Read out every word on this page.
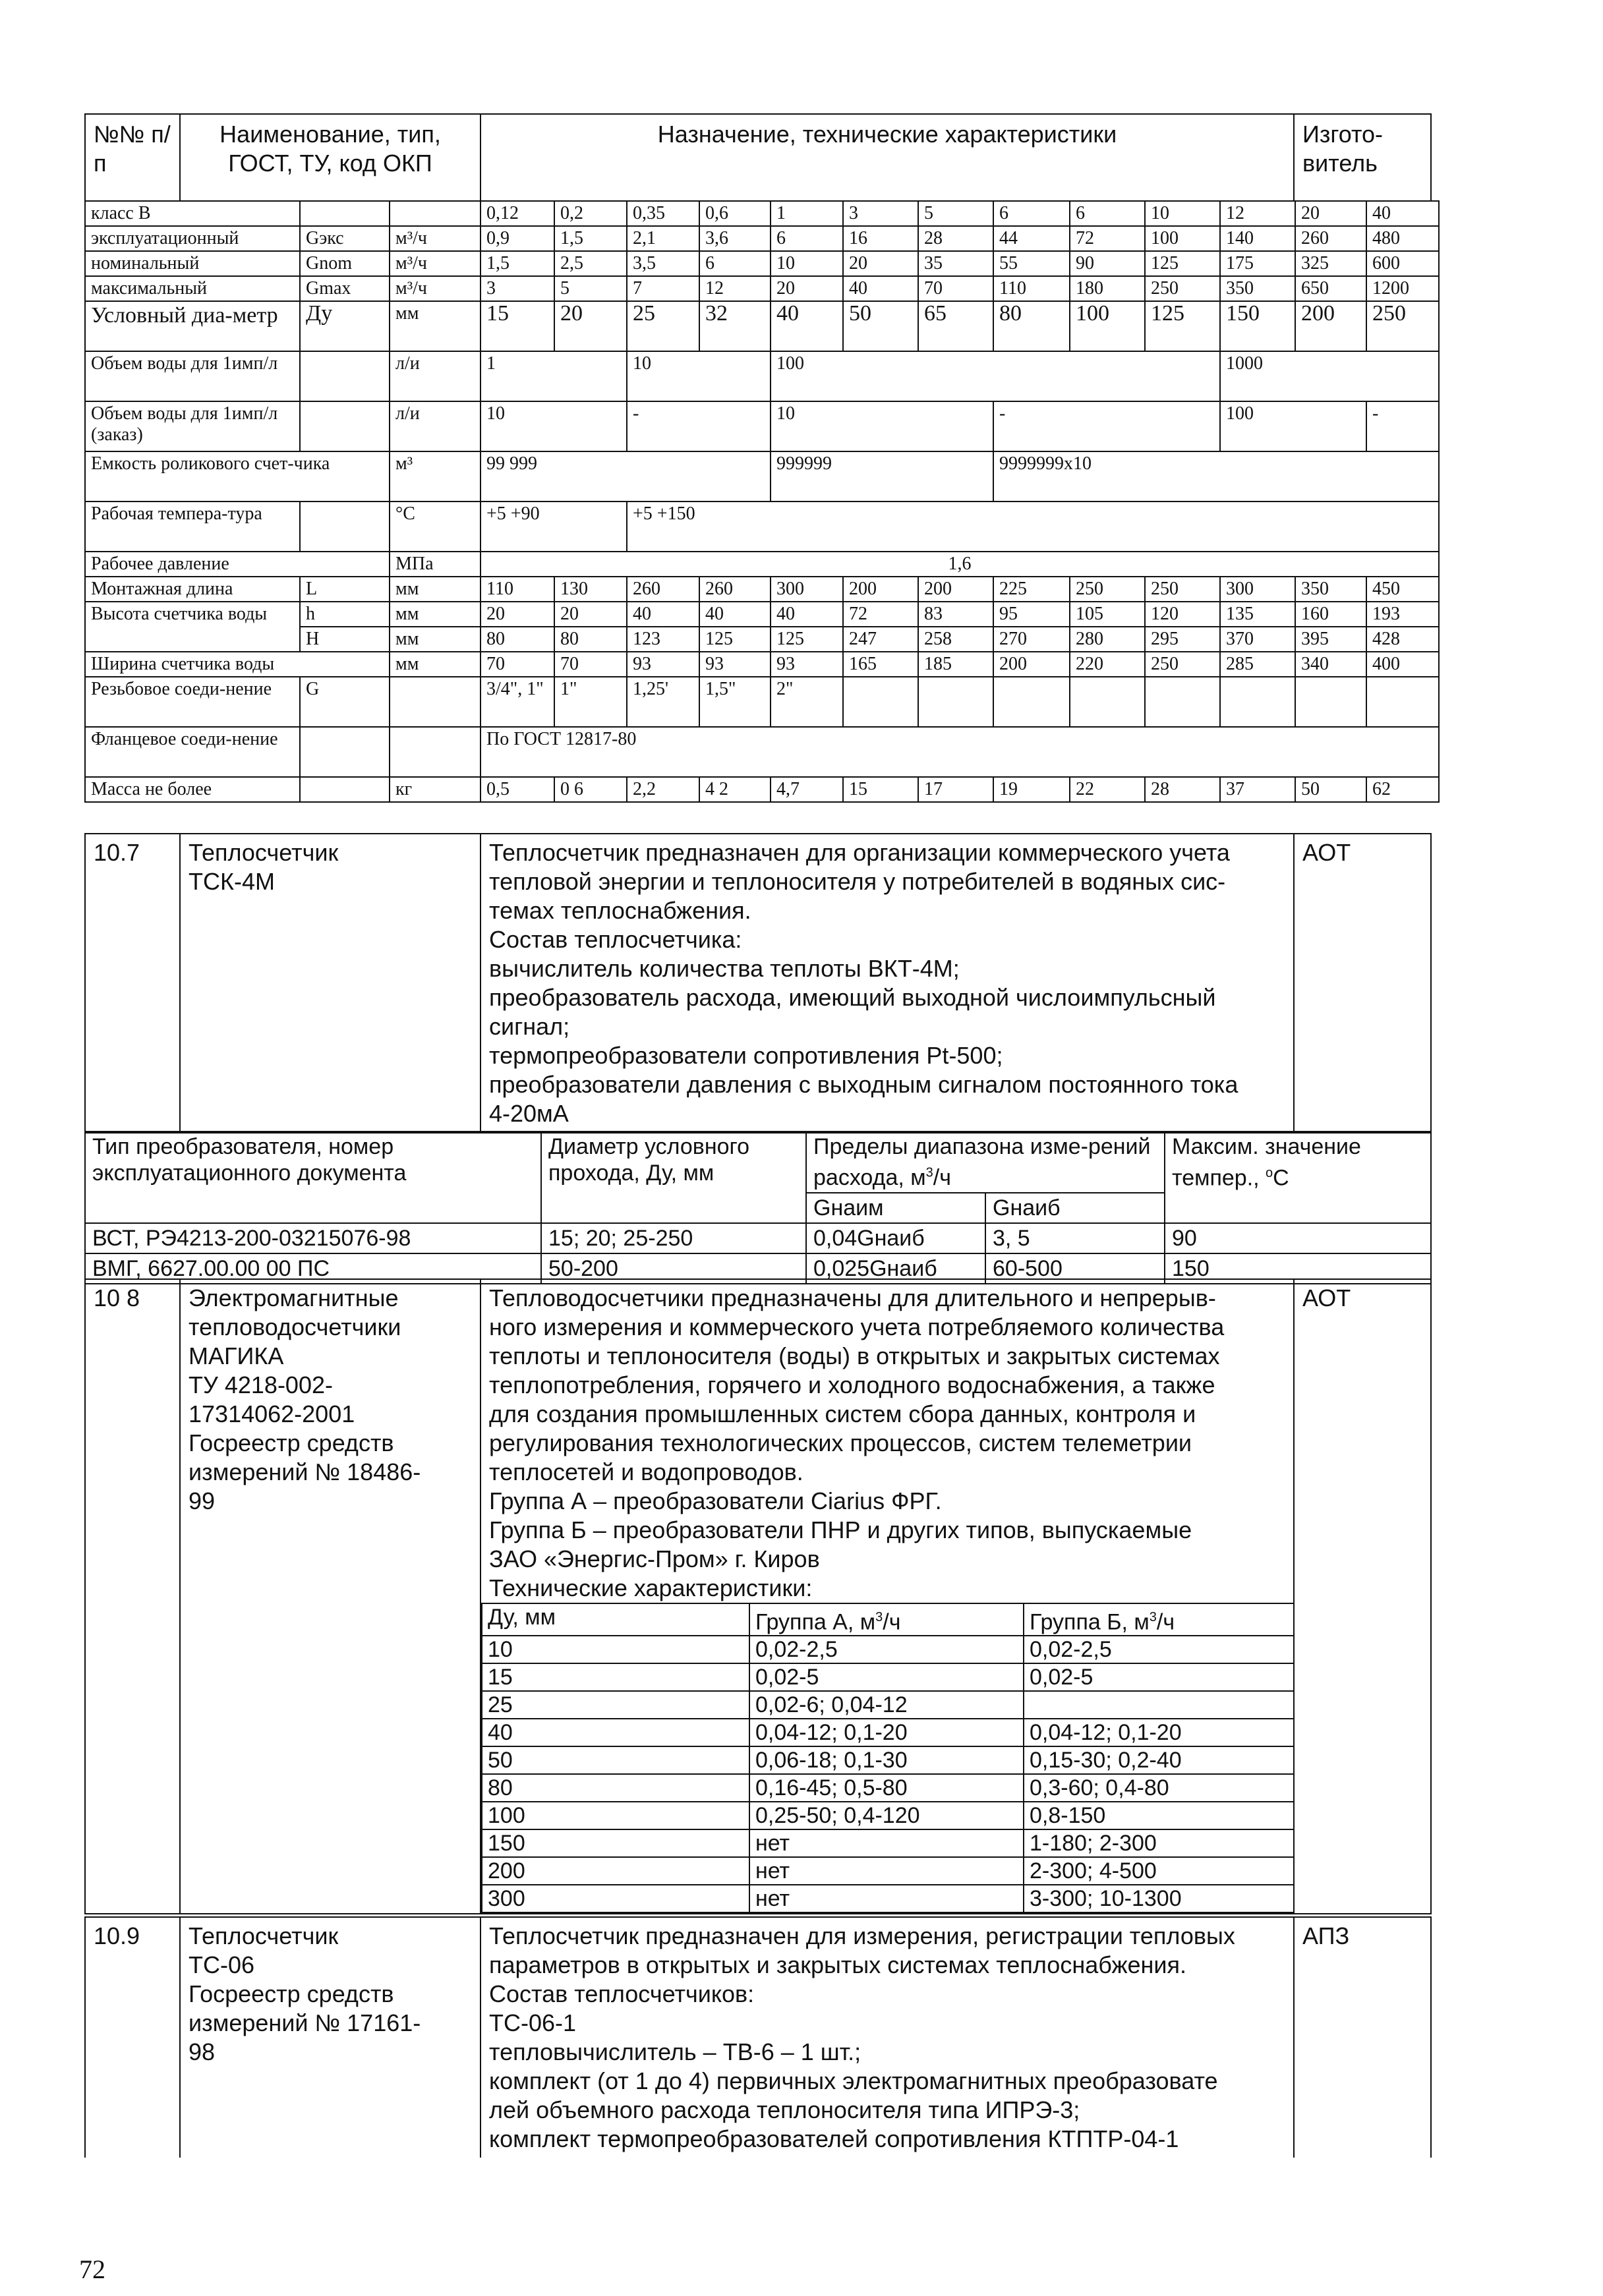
№№ п/п	Наименование, тип, ГОСТ, ТУ, код ОКП	Назначение, технические характеристики	Изгото-витель
класс В			0,12	0,2	0,35	0,6	1	3	5	6	6	10	12	20	40
эксплуатационный	Gэкс	м³/ч	0,9	1,5	2,1	3,6	6	16	28	44	72	100	140	260	480
номинальный	Gnom	м³/ч	1,5	2,5	3,5	6	10	20	35	55	90	125	175	325	600
максимальный	Gmax	м³/ч	3	5	7	12	20	40	70	110	180	250	350	650	1200
Условный диа-метр	Ду	мм	15	20	25	32	40	50	65	80	100	125	150	200	250
Объем воды для 1имп/л		л/и	1		10		100						1000		
Объем воды для 1имп/л (заказ)		л/и	10		-		10			-			100		-
Емкость роликового счет-чика		м³	99 999				999999			9999999х10					
Рабочая темпера-тура		°С	+5 +90		+5 +150										
Рабочее давление		МПа	1,6												
Монтажная длина	L	мм	110	130	260	260	300	200	200	225	250	250	300	350	450
Высота счетчика воды	h	мм	20	20	40	40	40	72	83	95	105	120	135	160	193
	H	мм	80	80	123	125	125	247	258	270	280	295	370	395	428
Ширина счетчика воды		мм	70	70	93	93	93	165	185	200	220	250	285	340	400
Резьбовое соеди-нение	G		3/4", 1"	1"	1,25'	1,5"	2"								
Фланцевое соеди-нение			По ГОСТ 12817-80												
Масса не более		кг	0,5	0 6	2,2	4 2	4,7	15	17	19	22	28	37	50	62
10.7	Теплосчетчик
ТСК-4М

Теплосчетчик предназначен для организации коммерческого учета
тепловой энергии и теплоносителя у потребителей в водяных сис-
темах теплоснабжения.
Состав теплосчетчика:
вычислитель количества теплоты ВКТ-4М;
преобразователь расхода, имеющий выходной числоимпульсный
сигнал;
термопреобразователи сопротивления Pt-500;
преобразователи давления с выходным сигналом постоянного тока
4-20мА
	АОТ
Тип преобразователя, номер эксплуатационного документа	Диаметр условного прохода, Ду, мм	Пределы диапазона изме-рений расхода, $м^3/ч$		Максим. значение темпер., $^о$С
		Gнаим	Gнаиб	
ВСТ, РЭ4213-200-03215076-98	15; 20; 25-250	0,04Gнаиб	3, 5	90
ВМГ, 6627.00.00 00 ПС	50-200	0,025Gнаиб	60-500	150
10 8	Электромагнитные
тепловодосчетчики
МАГИКА
ТУ 4218-002-
17314062-2001
Госреестр средств
измерений № 18486-
99

Тепловодосчетчики предназначены для длительного и непрерыв-
ного измерения и коммерческого учета потребляемого количества
теплоты и теплоносителя (воды) в открытых и закрытых системах
теплопотребления, горячего и холодного водоснабжения, а также
для создания промышленных систем сбора данных, контроля и
регулирования технологических процессов, систем телеметрии
теплосетей и водопроводов.
Группа А – преобразователи Ciarius ФРГ.
Группа Б – преобразователи ПНР и других типов, выпускаемые
ЗАО «Энергис-Пром» г. Киров
Технические характеристики:
Ду, мм	Группа А, $м^3/ч$	Группа Б, $м^3/ч$
10	0,02-2,5	0,02-2,5
15	0,02-5	0,02-5
25	0,02-6; 0,04-12	
40	0,04-12; 0,1-20	0,04-12; 0,1-20
50	0,06-18; 0,1-30	0,15-30; 0,2-40
80	0,16-45; 0,5-80	0,3-60; 0,4-80
100	0,25-50; 0,4-120	0,8-150
150	нет	1-180; 2-300
200	нет	2-300; 4-500
300	нет	3-300; 10-1300
	АОТ
10.9	Теплосчетчик
ТС-06
Госреестр средств
измерений № 17161-
98

Теплосчетчик предназначен для измерения, регистрации тепловых
параметров в открытых и закрытых системах теплоснабжения.
Состав теплосчетчиков:
ТС-06-1
тепловычислитель – ТВ-6 – 1 шт.;
комплект (от 1 до 4) первичных электромагнитных преобразовате
лей объемного расхода теплоносителя типа ИПРЭ-3;
комплект термопреобразователей сопротивления КТПТР-04-1
	АПЗ
72
